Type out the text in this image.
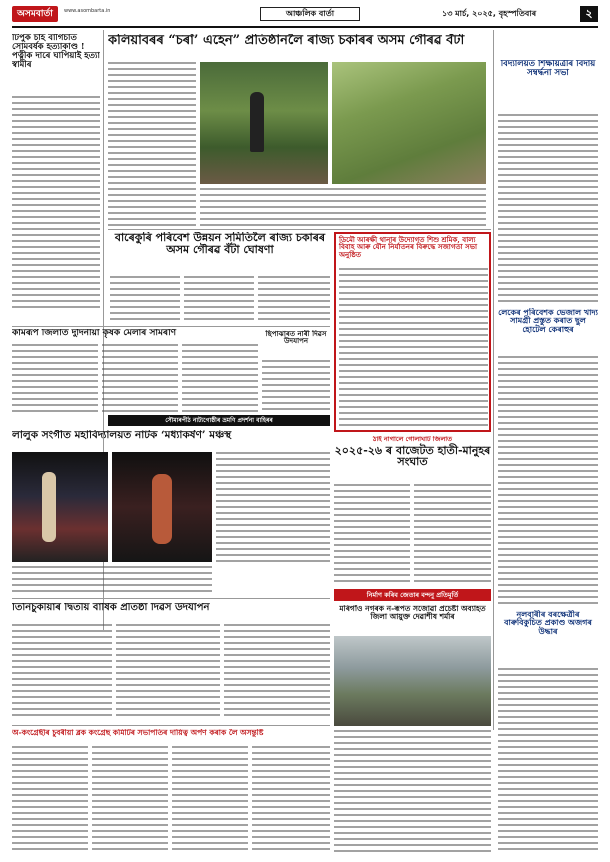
অসমবাৰ্তা	www.asombarta.in	আঞ্চলিক বাৰ্তা	১৩ মাৰ্চ, ২০২৫, বৃহস্পতিবাৰ	২
টিপুক চাহ বাগিচাত সোমবৰ্ষক হত্যাকাণ্ড ! পত্নীক দাৰে ঘাপিয়াই হত্যা স্বামীৰ
কলিয়াবৰৰ “চৰাঁ’ এহেন” প্ৰতিষ্ঠানলৈ ৰাজ্য চকাৰৰ অসম গৌৰৱ বঁটা
বিদ্যালয়ত শিক্ষয়িত্ৰীৰ বিদায় সম্বৰ্দ্ধনা সভা
বাৰেকুৰি পৰিবেশ উন্নয়ন সমিতিলৈ ৰাজ্য চকাৰৰ অসম গৌৰৱ বঁটা ঘোষণা
ডিমৌ আৰক্ষী থানাৰ উদ্যোগত শিশু শ্ৰমিক, বাল্য বিবাহ আৰু যৌন নিৰ্যাতনৰ বিৰুদ্ধে সজাগতা সভা অনুষ্ঠিত
লেকেৰ পৰিবেশক ভেজাল খাদ্য সামগ্ৰী প্ৰস্তুত কৰাত ছুল হোটেল কেৰাহুৰ
কামৰূপ জিলাত দুদিনীয়া কৃষক মেলাৰ সামৰণি	ছিপাঝাৰত নাৰী দিৱস উদযাপন
ঠাই নাগালে গোলাঘাট জিলাত
২০২৫-২৬ ৰ বাজেটত হাতী-মানুহৰ সংঘাত
সৌমাৰপীঠ নাট্যগোষ্ঠীৰ ভ্ৰমণি প্ৰদৰ্শনা বাহিৰৰ
লালুক সংগীত মহাবিদ্যালয়ত নাটক ‘মধ্যাকৰ্ষণ’ মঞ্চস্থ
নিৰ্মাণ কৰিব জেতাৰ বন্দনু প্ৰতিমূৰ্তি
মৰিগাঁও নগৰক ন-ৰূপত সজোৱা প্ৰচেষ্টা অব্যাহত জিলা আয়ুক্ত দেৱাশীষ শৰ্মাৰ	নলবাৰীৰ বৰক্ষেত্ৰীৰ বাৰুবিকুচিত প্ৰকাণ্ড অজগৰ উদ্ধাৰ
তিনিচুকীয়াৰ দ্বিতীয় বাৰ্ষিক প্ৰতিষ্ঠা দিৱস উদযাপন
অ-কংগ্ৰেছীৰ চুবৰীয়া ব্লক কংগ্ৰেছ কমিটিৰ সভাপতিৰ দায়িত্ব অৰ্পণ কৰাক লৈ অসন্তুষ্টি
